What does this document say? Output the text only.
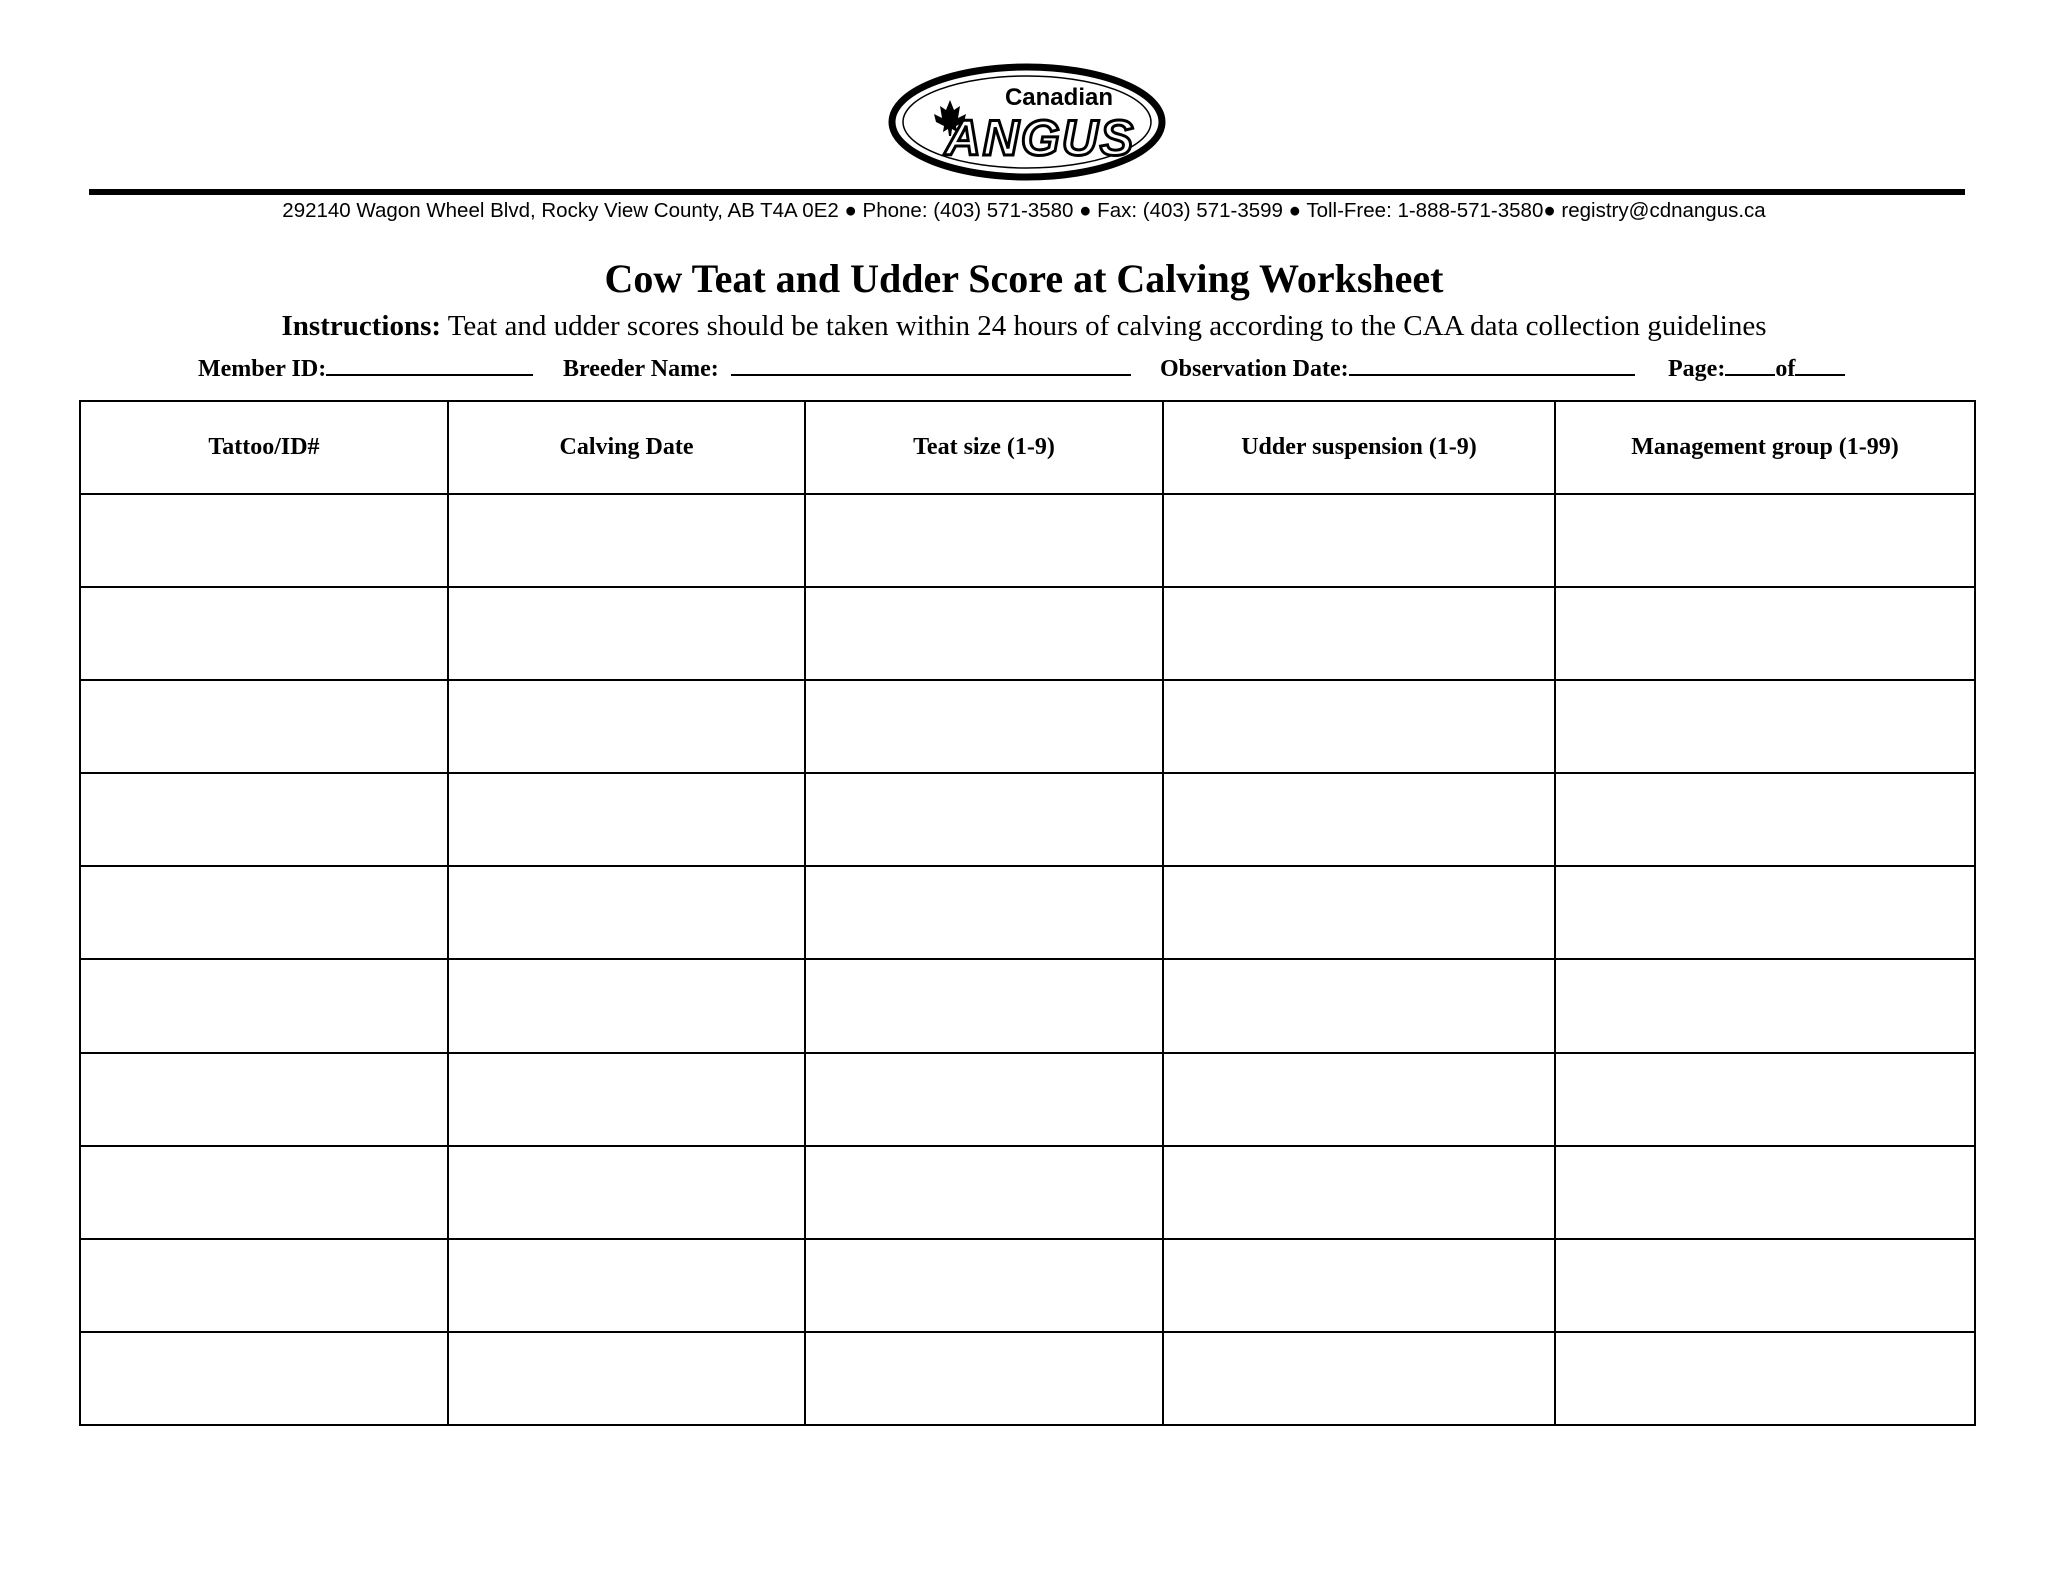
Canadian
ANGUS
292140 Wagon Wheel Blvd, Rocky View County, AB T4A 0E2 ● Phone: (403) 571-3580 ● Fax: (403) 571-3599 ● Toll-Free: 1-888-571-3580● registry@cdnangus.ca
Cow Teat and Udder Score at Calving Worksheet
Instructions: Teat and udder scores should be taken within 24 hours of calving according to the CAA data collection guidelines
Member ID:	Breeder Name:	Observation Date:	Page: of
Tattoo/ID#	Calving Date	Teat size (1-9)	Udder suspension (1-9)	Management group (1-99)
